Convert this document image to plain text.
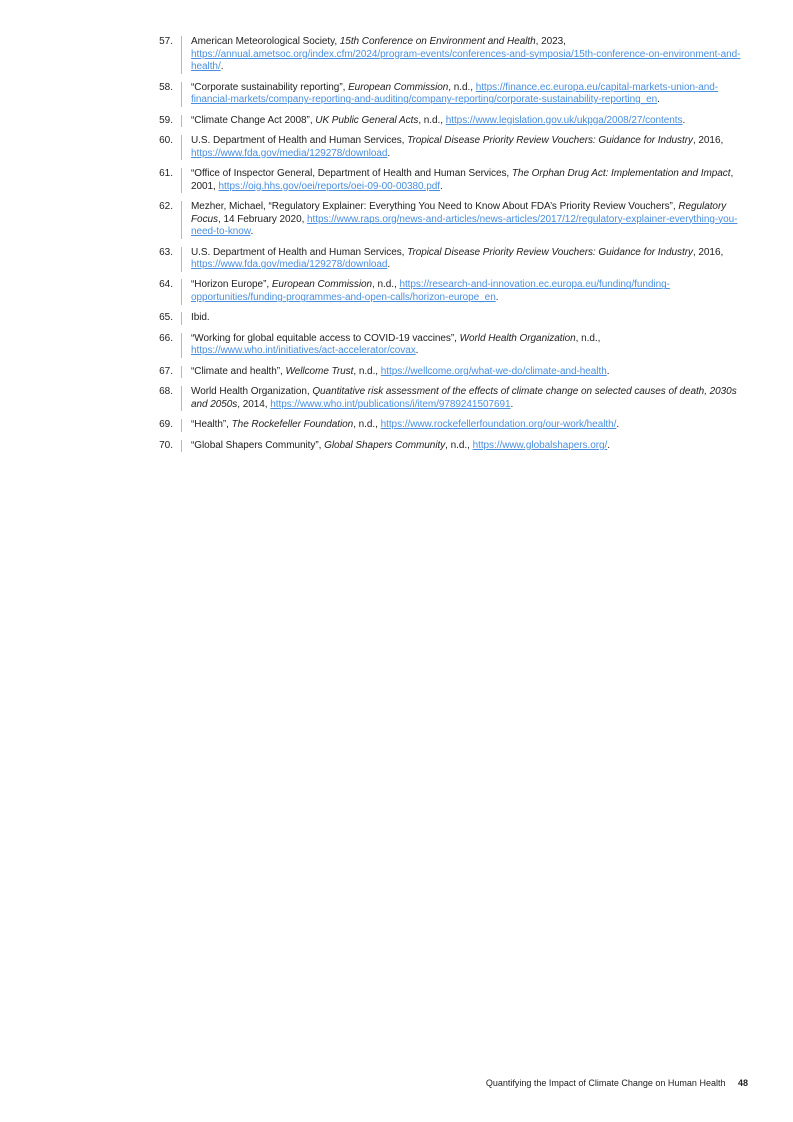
57.	American Meteorological Society, 15th Conference on Environment and Health, 2023, https://annual.ametsoc.org/index.cfm/2024/program-events/conferences-and-symposia/15th-conference-on-environment-and-health/.
58.	“Corporate sustainability reporting”, European Commission, n.d., https://finance.ec.europa.eu/capital-markets-union-and-financial-markets/company-reporting-and-auditing/company-reporting/corporate-sustainability-reporting_en.
59.	“Climate Change Act 2008”, UK Public General Acts, n.d., https://www.legislation.gov.uk/ukpga/2008/27/contents.
60.	U.S. Department of Health and Human Services, Tropical Disease Priority Review Vouchers: Guidance for Industry, 2016, https://www.fda.gov/media/129278/download.
61.	“Office of Inspector General, Department of Health and Human Services, The Orphan Drug Act: Implementation and Impact, 2001, https://oig.hhs.gov/oei/reports/oei-09-00-00380.pdf.
62.	Mezher, Michael, “Regulatory Explainer: Everything You Need to Know About FDA’s Priority Review Vouchers”, Regulatory Focus, 14 February 2020, https://www.raps.org/news-and-articles/news-articles/2017/12/regulatory-explainer-everything-you-need-to-know.
63.	U.S. Department of Health and Human Services, Tropical Disease Priority Review Vouchers: Guidance for Industry, 2016, https://www.fda.gov/media/129278/download.
64.	“Horizon Europe”, European Commission, n.d., https://research-and-innovation.ec.europa.eu/funding/funding-opportunities/funding-programmes-and-open-calls/horizon-europe_en.
65.	Ibid.
66.	“Working for global equitable access to COVID-19 vaccines”, World Health Organization, n.d., https://www.who.int/initiatives/act-accelerator/covax.
67.	“Climate and health”, Wellcome Trust, n.d., https://wellcome.org/what-we-do/climate-and-health.
68.	World Health Organization, Quantitative risk assessment of the effects of climate change on selected causes of death, 2030s and 2050s, 2014, https://www.who.int/publications/i/item/9789241507691.
69.	“Health”, The Rockefeller Foundation, n.d., https://www.rockefellerfoundation.org/our-work/health/.
70.	“Global Shapers Community”, Global Shapers Community, n.d., https://www.globalshapers.org/.
Quantifying the Impact of Climate Change on Human Health 48
